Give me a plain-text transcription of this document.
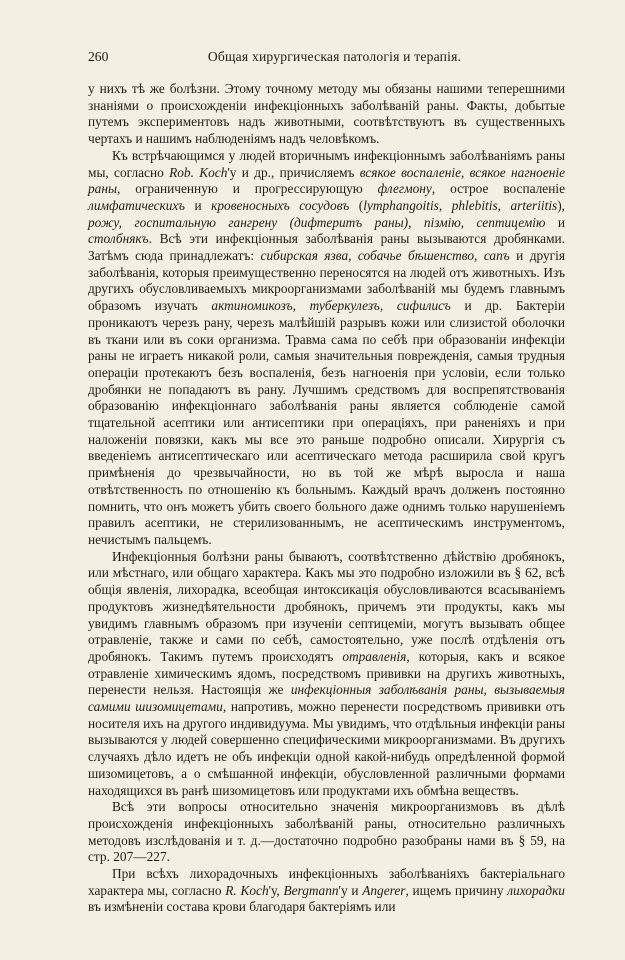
260	Общая хирургическая патологія и терапія.

у нихъ тѣ же болѣзни. Этому точному методу мы обязаны нашими теперешними знаніями о происхожденіи инфекціонныхъ заболѣваній раны. Факты, добытые путемъ экспериментовъ надъ животными, соотвѣтствуютъ въ существенныхъ чертахъ и нашимъ наблюденіямъ надъ человѣкомъ.

Къ встрѣчающимся у людей вторичнымъ инфекціоннымъ заболѣваніямъ раны мы, согласно Rob. Koch'у и др., причисляемъ всякое воспаленіе, всякое нагноеніе раны, ограниченную и прогрессирующую флегмону, острое воспаленіе лимфатическихъ и кровеносныхъ сосудовъ (lymphangoitis, phlebitis, arteriitis), рожу, госпитальную гангрену (дифтеритъ раны), пізмію, септицемію и столбнякъ. Всѣ эти инфекціонныя заболѣванія раны вызываются дробянками. Затѣмъ сюда принадлежатъ: сибирская язва, собачье бѣшенство, сапъ и другія заболѣванія, которыя преимущественно переносятся на людей отъ животныхъ. Изъ другихъ обусловливаемыхъ микроорганизмами заболѣваній мы будемъ главнымъ образомъ изучать актиномикозъ, туберкулезъ, сифилисъ и др. Бактеріи проникаютъ черезъ рану, черезъ малѣйшій разрывъ кожи или слизистой оболочки въ ткани или въ соки организма. Травма сама по себѣ при образованіи инфекціи раны не играетъ никакой роли, самыя значительныя поврежденія, самыя трудныя операціи протекаютъ безъ воспаленія, безъ нагноенія при условіи, если только дробянки не попадаютъ въ рану. Лучшимъ средствомъ для воспрепятствованія образованію инфекціоннаго заболѣванія раны является соблюденіе самой тщательной асептики или антисептики при операціяхъ, при раненіяхъ и при наложеніи повязки, какъ мы все это раньше подробно описали. Хирургія съ введеніемъ антисептическаго или асептическаго метода расширила свой кругъ примѣненія до чрезвычайности, но въ той же мѣрѣ выросла и наша отвѣтственность по отношенію къ больнымъ. Каждый врачъ долженъ постоянно помнить, что онъ можетъ убить своего больного даже однимъ только нарушеніемъ правилъ асептики, не стерилизованнымъ, не асептическимъ инструментомъ, нечистымъ пальцемъ.

Инфекціонныя болѣзни раны бываютъ, соотвѣтственно дѣйствію дробянокъ, или мѣстнаго, или общаго характера. Какъ мы это подробно изложили въ § 62, всѣ общія явленія, лихорадка, всеобщая интоксикація обусловливаются всасываніемъ продуктовъ жизнедѣятельности дробянокъ, причемъ эти продукты, какъ мы увидимъ главнымъ образомъ при изученіи септицеміи, могутъ вызывать общее отравленіе, также и сами по себѣ, самостоятельно, уже послѣ отдѣленія отъ дробянокъ. Такимъ путемъ происходятъ отравленія, которыя, какъ и всякое отравленіе химическимъ ядомъ, посредствомъ прививки на другихъ животныхъ, перенести нельзя. Настоящія же инфекціонныя заболѣванія раны, вызываемыя самими шизомицетами, напротивъ, можно перенести посредствомъ прививки отъ носителя ихъ на другого индивидуума. Мы увидимъ, что отдѣльныя инфекціи раны вызываются у людей совершенно специфическими микроорганизмами. Въ другихъ случаяхъ дѣло идетъ не объ инфекціи одной какой-нибудь опредѣленной формой шизомицетовъ, а о смѣшанной инфекціи, обусловленной различными формами находящихся въ ранѣ шизомицетовъ или продуктами ихъ обмѣна веществъ.

Всѣ эти вопросы относительно значенія микроорганизмовъ въ дѣлѣ происхожденія инфекціонныхъ заболѣваній раны, относительно различныхъ методовъ изслѣдованія и т. д.—достаточно подробно разобраны нами въ § 59, на стр. 207—227.

При всѣхъ лихорадочныхъ инфекціонныхъ заболѣваніяхъ бактеріальнаго характера мы, согласно R. Koch'у, Bergmann'у и Angerer, ищемъ причину лихорадки въ измѣненіи состава крови благодаря бактеріямъ или
